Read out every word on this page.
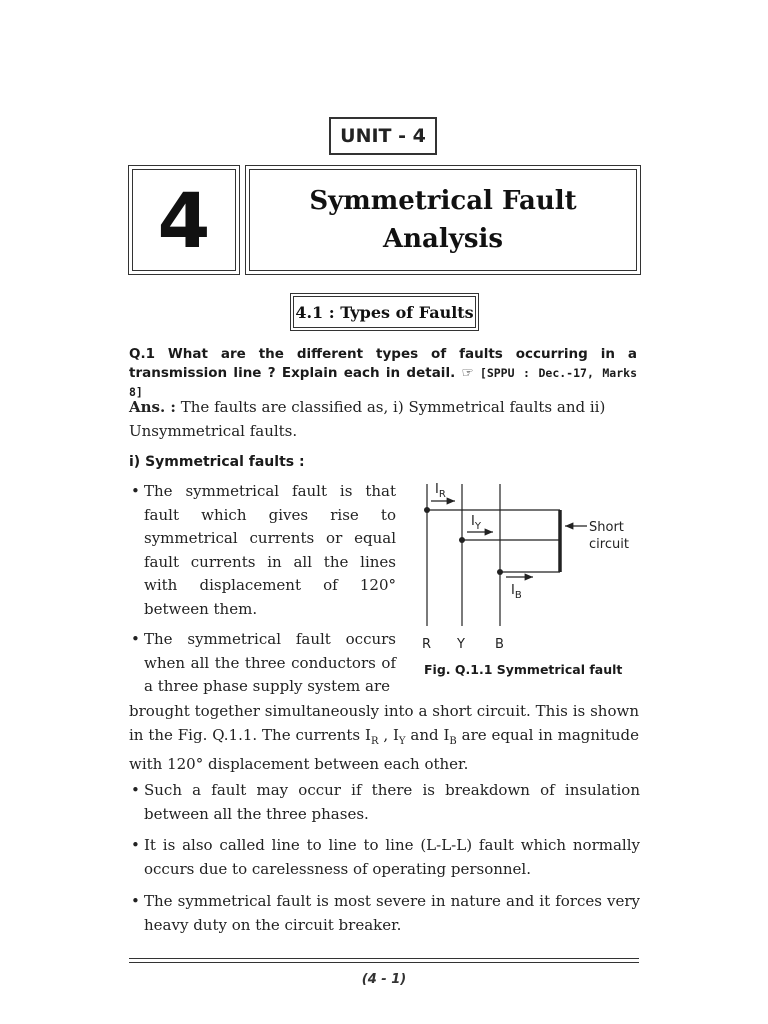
UNIT - 4
4	Symmetrical Fault
Analysis
4.1 : Types of Faults
Q.1 What are the different types of faults occurring in a transmission line ? Explain each in detail. ☞ [SPPU : Dec.-17, Marks 8]
Ans. : The faults are classified as, i) Symmetrical faults and ii) Unsymmetrical faults.
i) Symmetrical faults :
• The symmetrical fault is that fault which gives rise to symmetrical currents or equal fault currents in all the lines with displacement of 120° between them.
• The symmetrical fault occurs when all the three conductors of a three phase supply system are
brought together simultaneously into a short circuit. This is shown in the Fig. Q.1.1. The currents $I_R$ , $I_Y$ and $I_B$ are equal in magnitude with 120° displacement between each other.
• Such a fault may occur if there is breakdown of insulation between all the three phases.
• It is also called line to line to line (L-L-L) fault which normally occurs due to carelessness of operating personnel.
• The symmetrical fault is most severe in nature and it forces very heavy duty on the circuit breaker.
$I_R$
$I_Y$
$I_B$
Short
circuit
R Y B
Fig. Q.1.1 Symmetrical fault
(4 - 1)
